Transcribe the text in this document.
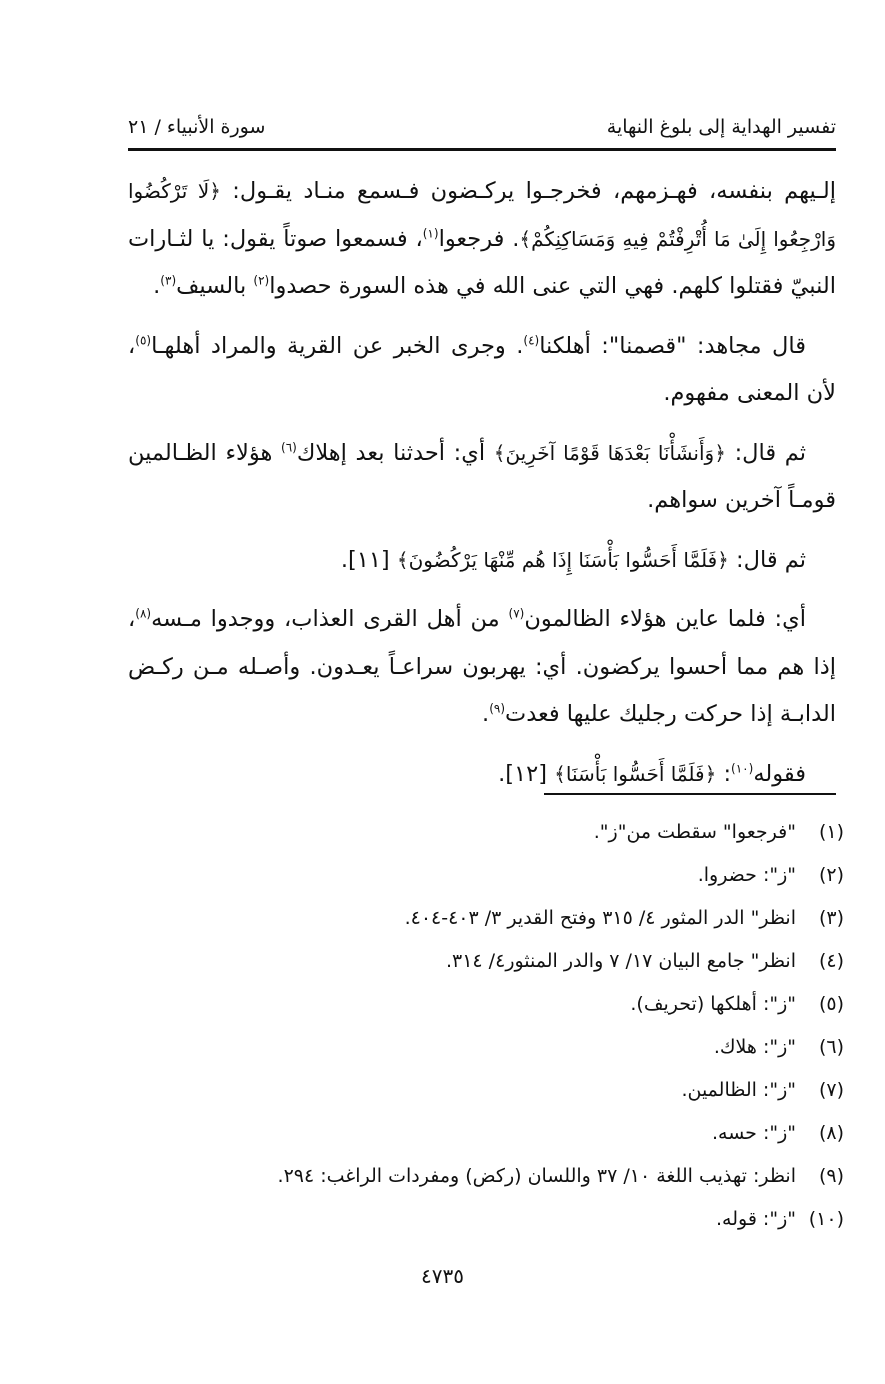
تفسير الهداية إلى بلوغ النهاية
سورة الأنبياء / ٢١

إلـيهم بنفسه، فهـزمهم، فخرجـوا يركـضون فـسمع منـاد يقـول: ﴿لَا تَرْكُضُوا وَارْجِعُوا إِلَىٰ مَا أُتْرِفْتُمْ فِيهِ وَمَسَاكِنِكُمْ﴾. فرجعوا$^{(١)}$، فسمعوا صوتاً يقول: يا لثـارات النبيّ فقتلوا كلهم. فهي التي عنى الله في هذه السورة حصدوا$^{(٢)}$ بالسيف$^{(٣)}$.

قال مجاهد: "قصمنا": أهلكنا$^{(٤)}$. وجرى الخبر عن القرية والمراد أهلهـا$^{(٥)}$، لأن المعنى مفهوم.

ثم قال: ﴿وَأَنشَأْنَا بَعْدَهَا قَوْمًا آخَرِينَ﴾ أي: أحدثنا بعد إهلاك$^{(٦)}$ هؤلاء الظـالمين قومـاً آخرين سواهم.

ثم قال: ﴿فَلَمَّا أَحَسُّوا بَأْسَنَا إِذَا هُم مِّنْهَا يَرْكُضُونَ﴾ [١١].

أي: فلما عاين هؤلاء الظالمون$^{(٧)}$ من أهل القرى العذاب، ووجدوا مـسه$^{(٨)}$، إذا هم مما أحسوا يركضون. أي: يهربون سراعـاً يعـدون. وأصـله مـن ركـض الدابـة إذا حركت رجليك عليها فعدت$^{(٩)}$.

فقوله$^{(١٠)}$: ﴿فَلَمَّا أَحَسُّوا بَأْسَنَا﴾ [١٢].

(١)"فرجعوا" سقطت من"ز".
(٢)"ز": حضروا.
(٣)انظر" الدر المثور ٤/ ٣١٥ وفتح القدير ٣/ ٤٠٣-٤٠٤.
(٤)انظر" جامع البيان ١٧/ ٧ والدر المنثور٤/ ٣١٤.
(٥)"ز": أهلكها (تحريف).
(٦)"ز": هلاك.
(٧)"ز": الظالمين.
(٨)"ز": حسه.
(٩)انظر: تهذيب اللغة ١٠/ ٣٧ واللسان (ركض) ومفردات الراغب: ٢٩٤.
(١٠)"ز": قوله.
٤٧٣٥
